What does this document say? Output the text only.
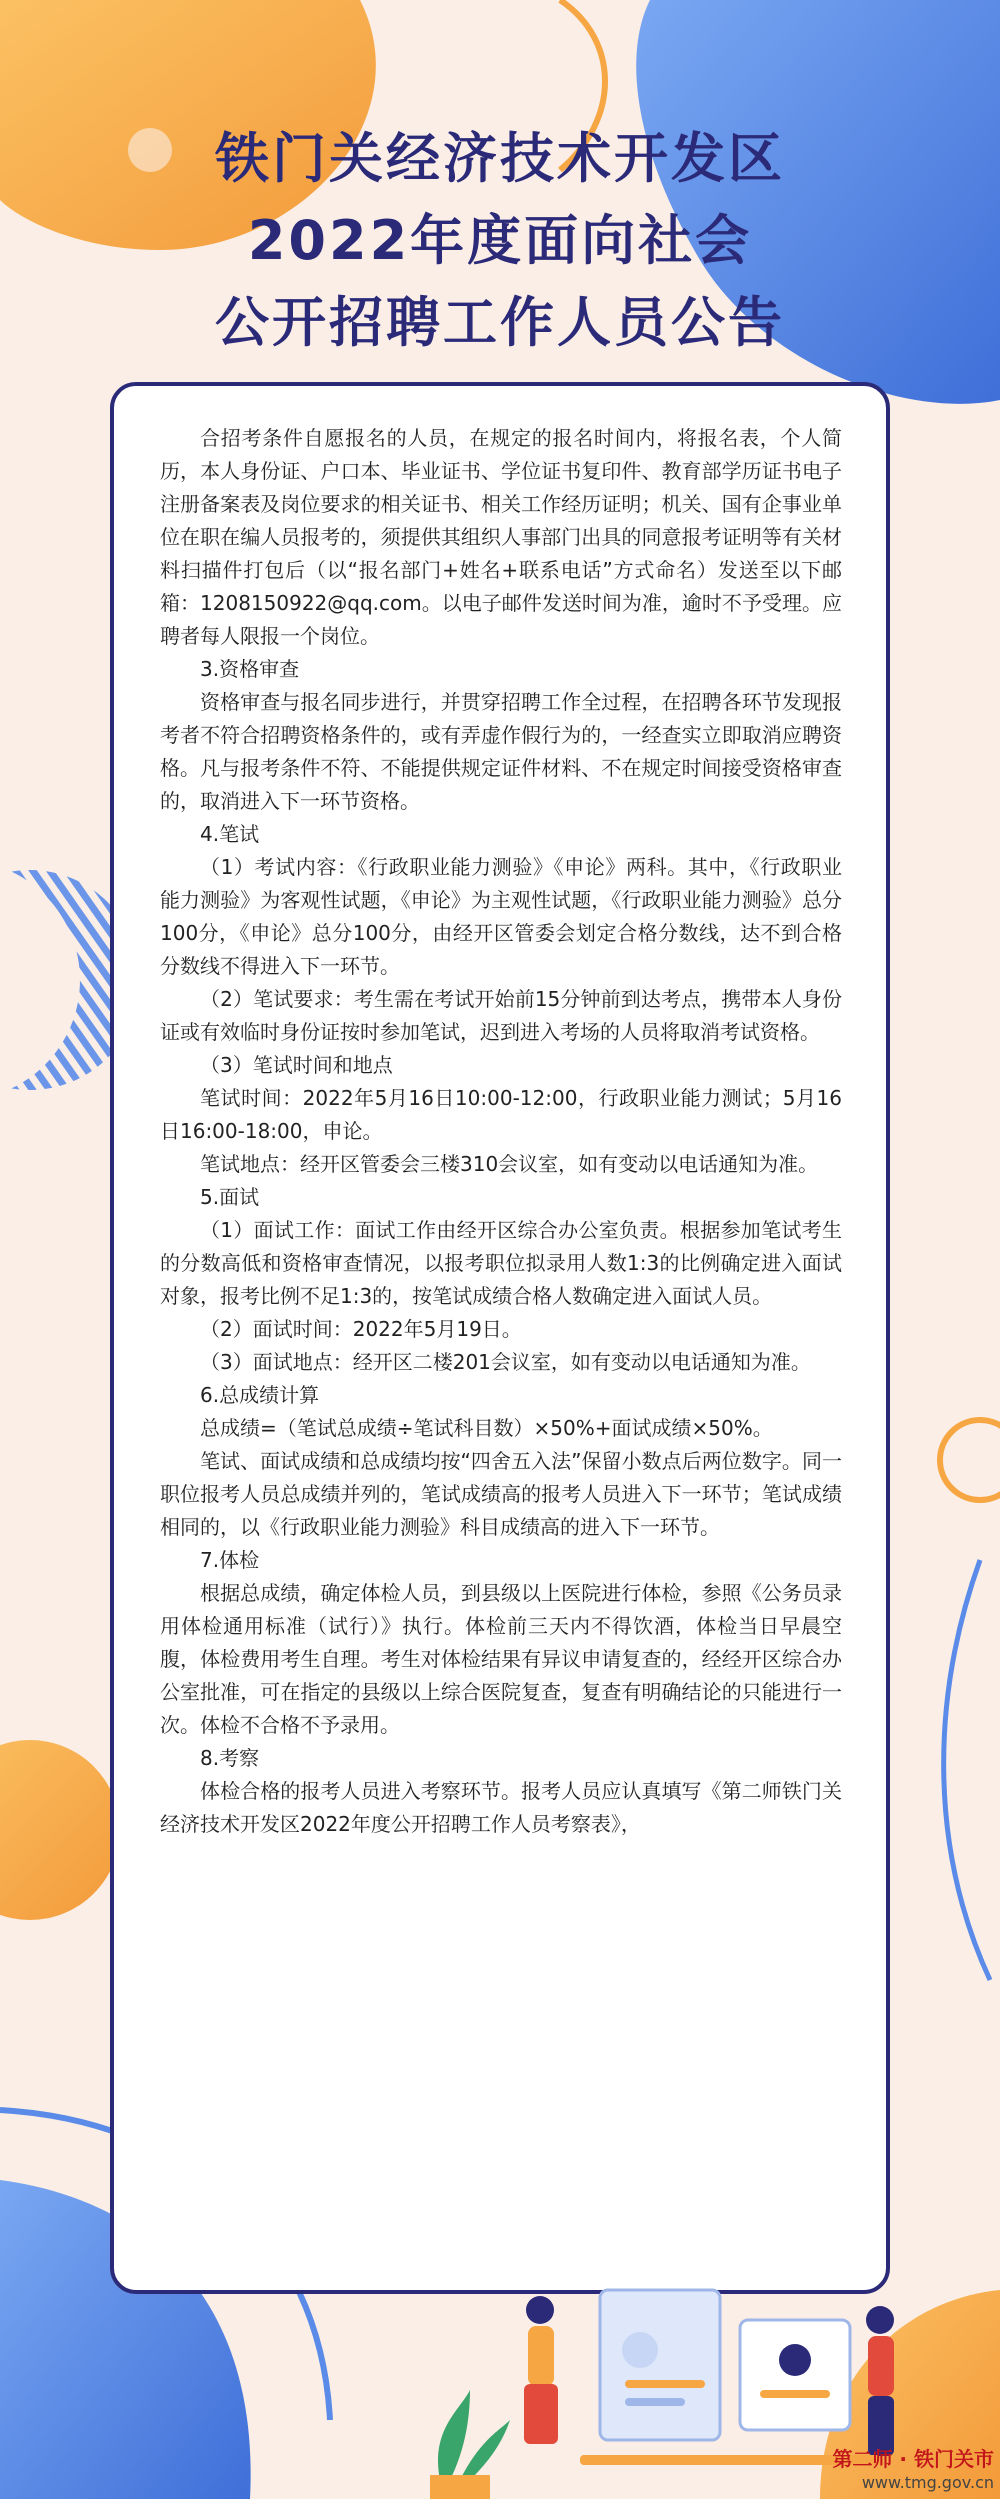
铁门关经济技术开发区
2022年度面向社会
公开招聘工作人员公告

合招考条件自愿报名的人员，在规定的报名时间内，将报名表，个人简历，本人身份证、户口本、毕业证书、学位证书复印件、教育部学历证书电子注册备案表及岗位要求的相关证书、相关工作经历证明；机关、国有企事业单位在职在编人员报考的，须提供其组织人事部门出具的同意报考证明等有关材料扫描件打包后（以“报名部门+姓名+联系电话”方式命名）发送至以下邮箱：1208150922@qq.com。以电子邮件发送时间为准，逾时不予受理。应聘者每人限报一个岗位。

3.资格审查

资格审查与报名同步进行，并贯穿招聘工作全过程，在招聘各环节发现报考者不符合招聘资格条件的，或有弄虚作假行为的，一经查实立即取消应聘资格。凡与报考条件不符、不能提供规定证件材料、不在规定时间接受资格审查的，取消进入下一环节资格。

4.笔试

（1）考试内容：《行政职业能力测验》《申论》两科。其中，《行政职业能力测验》为客观性试题，《申论》为主观性试题，《行政职业能力测验》总分100分，《申论》总分100分，由经开区管委会划定合格分数线，达不到合格分数线不得进入下一环节。

（2）笔试要求：考生需在考试开始前15分钟前到达考点，携带本人身份证或有效临时身份证按时参加笔试，迟到进入考场的人员将取消考试资格。

（3）笔试时间和地点

笔试时间：2022年5月16日10:00-12:00，行政职业能力测试；5月16日16:00-18:00，申论。

笔试地点：经开区管委会三楼310会议室，如有变动以电话通知为准。

5.面试

（1）面试工作：面试工作由经开区综合办公室负责。根据参加笔试考生的分数高低和资格审查情况，以报考职位拟录用人数1:3的比例确定进入面试对象，报考比例不足1:3的，按笔试成绩合格人数确定进入面试人员。

（2）面试时间：2022年5月19日。

（3）面试地点：经开区二楼201会议室，如有变动以电话通知为准。

6.总成绩计算

总成绩=（笔试总成绩÷笔试科目数）×50%+面试成绩×50%。

笔试、面试成绩和总成绩均按“四舍五入法”保留小数点后两位数字。同一职位报考人员总成绩并列的，笔试成绩高的报考人员进入下一环节；笔试成绩相同的，以《行政职业能力测验》科目成绩高的进入下一环节。

7.体检

根据总成绩，确定体检人员，到县级以上医院进行体检，参照《公务员录用体检通用标准（试行）》执行。体检前三天内不得饮酒，体检当日早晨空腹，体检费用考生自理。考生对体检结果有异议申请复查的，经经开区综合办公室批准，可在指定的县级以上综合医院复查，复查有明确结论的只能进行一次。体检不合格不予录用。

8.考察

体检合格的报考人员进入考察环节。报考人员应认真填写《第二师铁门关经济技术开发区2022年度公开招聘工作人员考察表》，

第二师 · 铁门关市
www.tmg.gov.cn
